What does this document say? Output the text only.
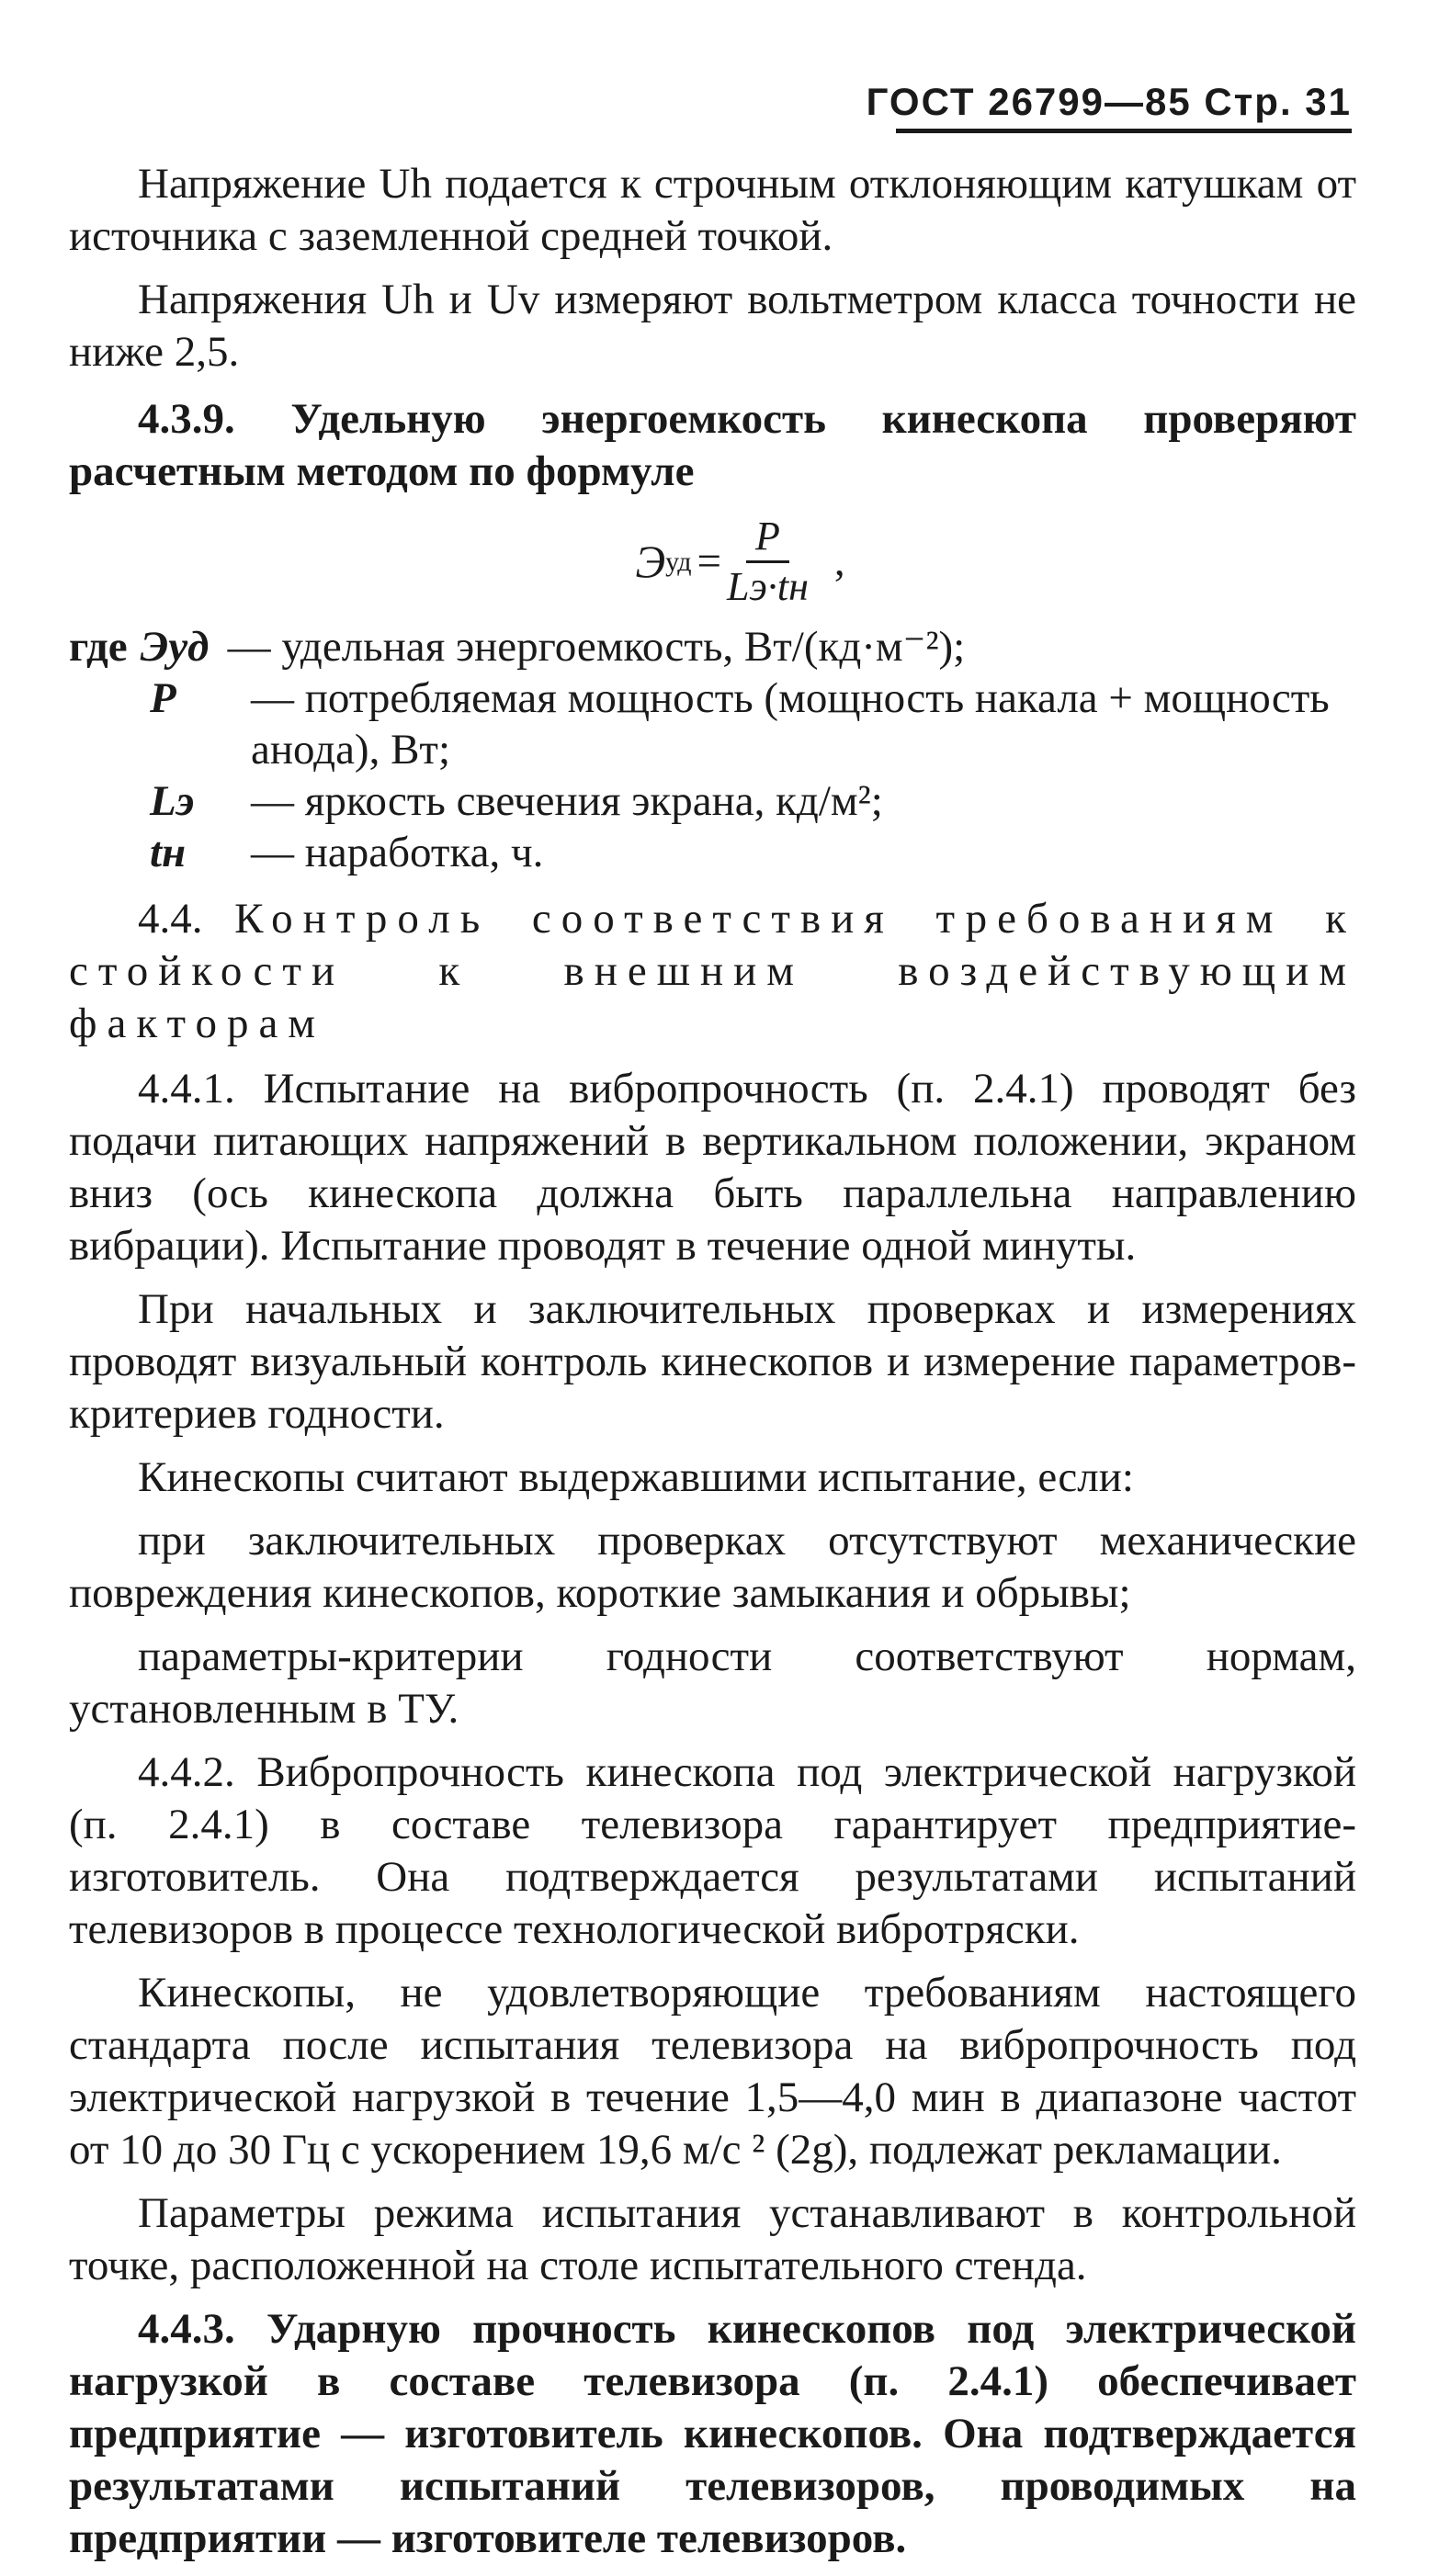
ГОСТ 26799—85 Стр. 31

Напряжение Uh подается к строчным отклоняющим катушкам от источника с заземленной средней точкой.

Напряжения Uh и Uv измеряют вольтметром класса точности не ниже 2,5.

4.3.9. Удельную энергоемкость кинескопа проверяют расчетным методом по формуле

Э уд = $\frac{P}{Lэ\cdot tн}$ ,
где Эуд — удельная энергоемкость, Вт/(кд·м⁻²);
P	— потребляемая мощность (мощность накала + мощность анода), Вт;
Lэ	— яркость свечения экрана, кд/м²;
tн	— наработка, ч.

4.4. Контроль соответствия требованиям к стойкости к внешним воздействующим факторам

4.4.1. Испытание на вибропрочность (п. 2.4.1) проводят без подачи питающих напряжений в вертикальном положении, экраном вниз (ось кинескопа должна быть параллельна направлению вибрации). Испытание проводят в течение одной минуты.

При начальных и заключительных проверках и измерениях проводят визуальный контроль кинескопов и измерение параметров-критериев годности.

Кинескопы считают выдержавшими испытание, если:

при заключительных проверках отсутствуют механические повреждения кинескопов, короткие замыкания и обрывы;

параметры-критерии годности соответствуют нормам, установленным в ТУ.

4.4.2. Вибропрочность кинескопа под электрической нагрузкой (п. 2.4.1) в составе телевизора гарантирует предприятие-изготовитель. Она подтверждается результатами испытаний телевизоров в процессе технологической вибротряски.

Кинескопы, не удовлетворяющие требованиям настоящего стандарта после испытания телевизора на вибропрочность под электрической нагрузкой в течение 1,5—4,0 мин в диапазоне частот от 10 до 30 Гц с ускорением 19,6 м/с ² (2g), подлежат рекламации.

Параметры режима испытания устанавливают в контрольной точке, расположенной на столе испытательного стенда.

4.4.3. Ударную прочность кинескопов под электрической нагрузкой в составе телевизора (п. 2.4.1) обеспечивает предприятие — изготовитель кинескопов. Она подтверждается результатами испытаний телевизоров, проводимых на предприятии — изготовителе телевизоров.
